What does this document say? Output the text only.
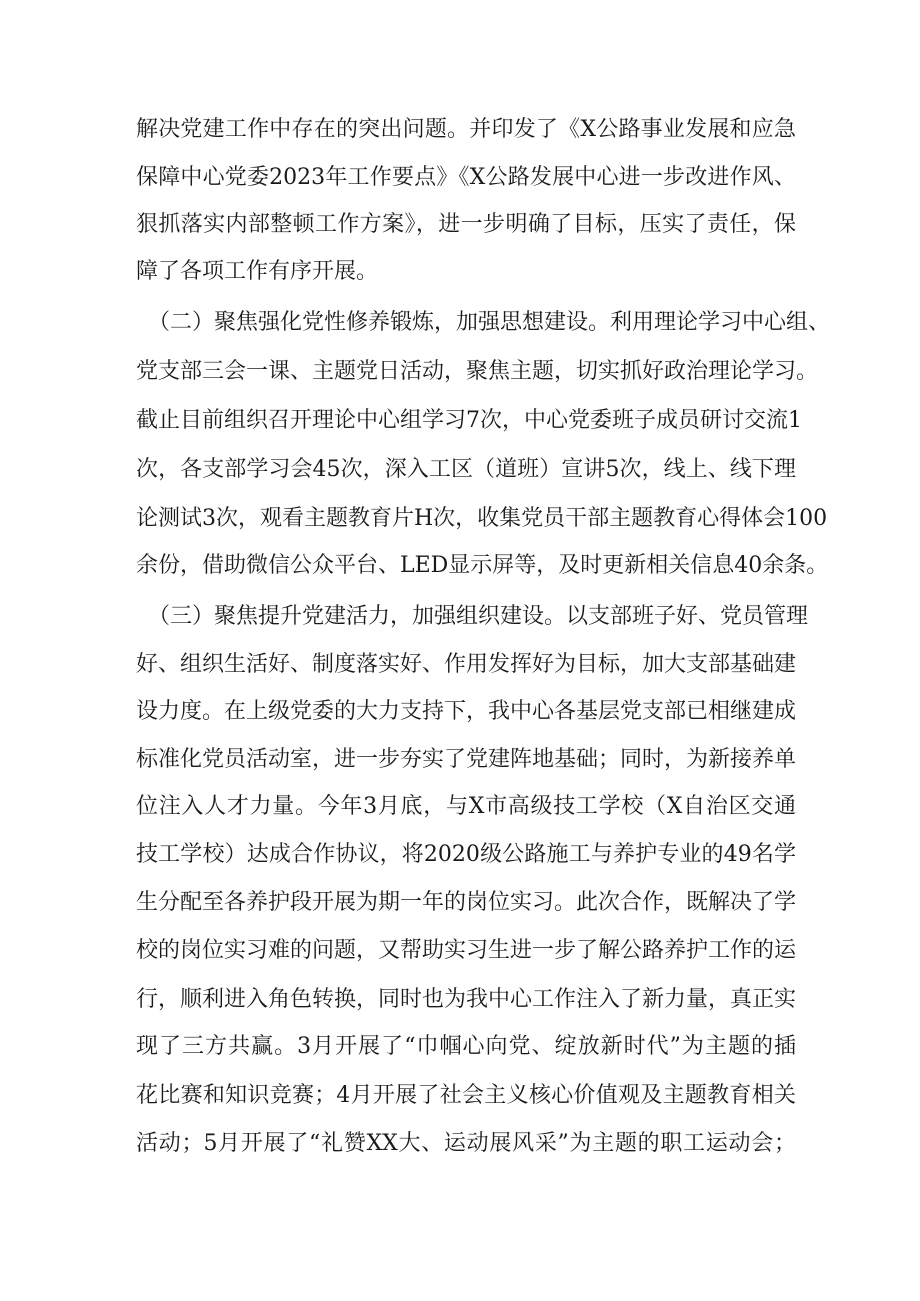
解决党建工作中存在的突出问题。并印发了《X公路事业发展和应急
保障中心党委2023年工作要点》《X公路发展中心进一步改进作风、
狠抓落实内部整顿工作方案》，进一步明确了目标，压实了责任，保
障了各项工作有序开展。
（二）聚焦强化党性修养锻炼，加强思想建设。利用理论学习中心组、
党支部三会一课、主题党日活动，聚焦主题，切实抓好政治理论学习。
截止目前组织召开理论中心组学习7次，中心党委班子成员研讨交流1
次，各支部学习会45次，深入工区（道班）宣讲5次，线上、线下理
论测试3次，观看主题教育片H次，收集党员干部主题教育心得体会100
余份，借助微信公众平台、LED显示屏等，及时更新相关信息40余条。
（三）聚焦提升党建活力，加强组织建设。以支部班子好、党员管理
好、组织生活好、制度落实好、作用发挥好为目标，加大支部基础建
设力度。在上级党委的大力支持下，我中心各基层党支部已相继建成
标准化党员活动室，进一步夯实了党建阵地基础；同时，为新接养单
位注入人才力量。今年3月底，与X市高级技工学校（X自治区交通
技工学校）达成合作协议，将2020级公路施工与养护专业的49名学
生分配至各养护段开展为期一年的岗位实习。此次合作，既解决了学
校的岗位实习难的问题，又帮助实习生进一步了解公路养护工作的运
行，顺利进入角色转换，同时也为我中心工作注入了新力量，真正实
现了三方共赢。3月开展了“巾帼心向党、绽放新时代”为主题的插
花比赛和知识竞赛；4月开展了社会主义核心价值观及主题教育相关
活动；5月开展了“礼赞XX大、运动展风采”为主题的职工运动会；
